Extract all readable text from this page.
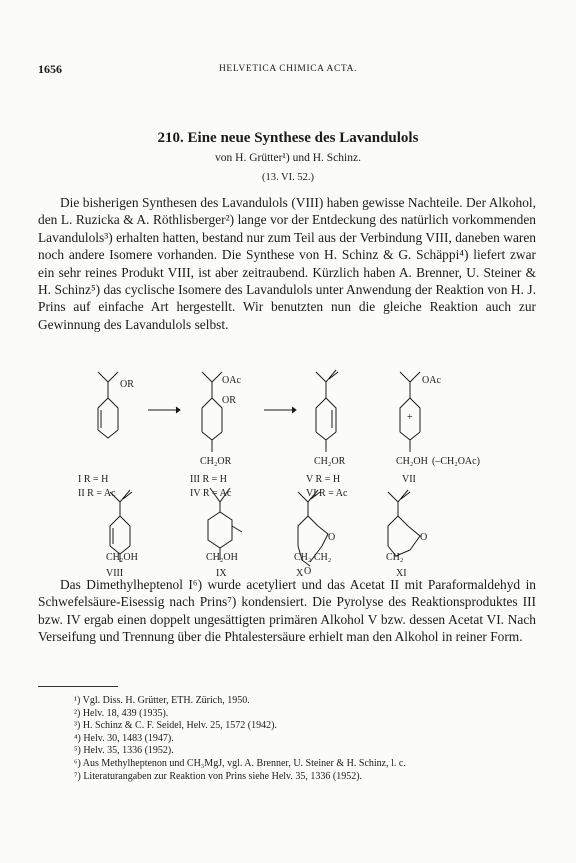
1656	HELVETICA CHIMICA ACTA.
210. Eine neue Synthese des Lavandulols
von H. Grütter¹) und H. Schinz.
(13. VI. 52.)

Die bisherigen Synthesen des Lavandulols (VIII) haben gewisse Nachteile. Der Alkohol, den L. Ruzicka & A. Röthlisberger²) lange vor der Entdeckung des natürlich vorkommenden Lavandulols³) erhalten hatten, bestand nur zum Teil aus der Verbindung VIII, daneben waren noch andere Isomere vorhanden. Die Synthese von H. Schinz & G. Schäppi⁴) liefert zwar ein sehr reines Produkt VIII, ist aber zeitraubend. Kürzlich haben A. Brenner, U. Steiner & H. Schinz⁵) das cyclische Isomere des Lavandulols unter Anwendung der Reaktion von H. J. Prins auf einfache Art hergestellt. Wir benutzten nun die gleiche Reaktion auch zur Gewinnung des Lavandulols selbst.

OR	OAc
OR
CH₂OR	CH₂OR
OAc
+
CH₂OH (–CH₂OAc)
I R = H
II R = Ac
III R = H
IV R = Ac
V R = H
VI R = Ac
VII
CH₂OH	CH₂OH	CH₂ CH₂
O
O
CH₂
O
VIII	IX	X	XI

Das Dimethylheptenol I⁶) wurde acetyliert und das Acetat II mit Paraformaldehyd in Schwefelsäure-Eisessig nach Prins⁷) kondensiert. Die Pyrolyse des Reaktionsproduktes III bzw. IV ergab einen doppelt ungesättigten primären Alkohol V bzw. dessen Acetat VI. Nach Verseifung und Trennung über die Phtalestersäure erhielt man den Alkohol in reiner Form.

¹) Vgl. Diss. H. Grütter, ETH. Zürich, 1950.
²) Helv. 18, 439 (1935).
³) H. Schinz & C. F. Seidel, Helv. 25, 1572 (1942).
⁴) Helv. 30, 1483 (1947).
⁵) Helv. 35, 1336 (1952).
⁶) Aus Methylheptenon und CH₃MgJ, vgl. A. Brenner, U. Steiner & H. Schinz, l. c.
⁷) Literaturangaben zur Reaktion von Prins siehe Helv. 35, 1336 (1952).
